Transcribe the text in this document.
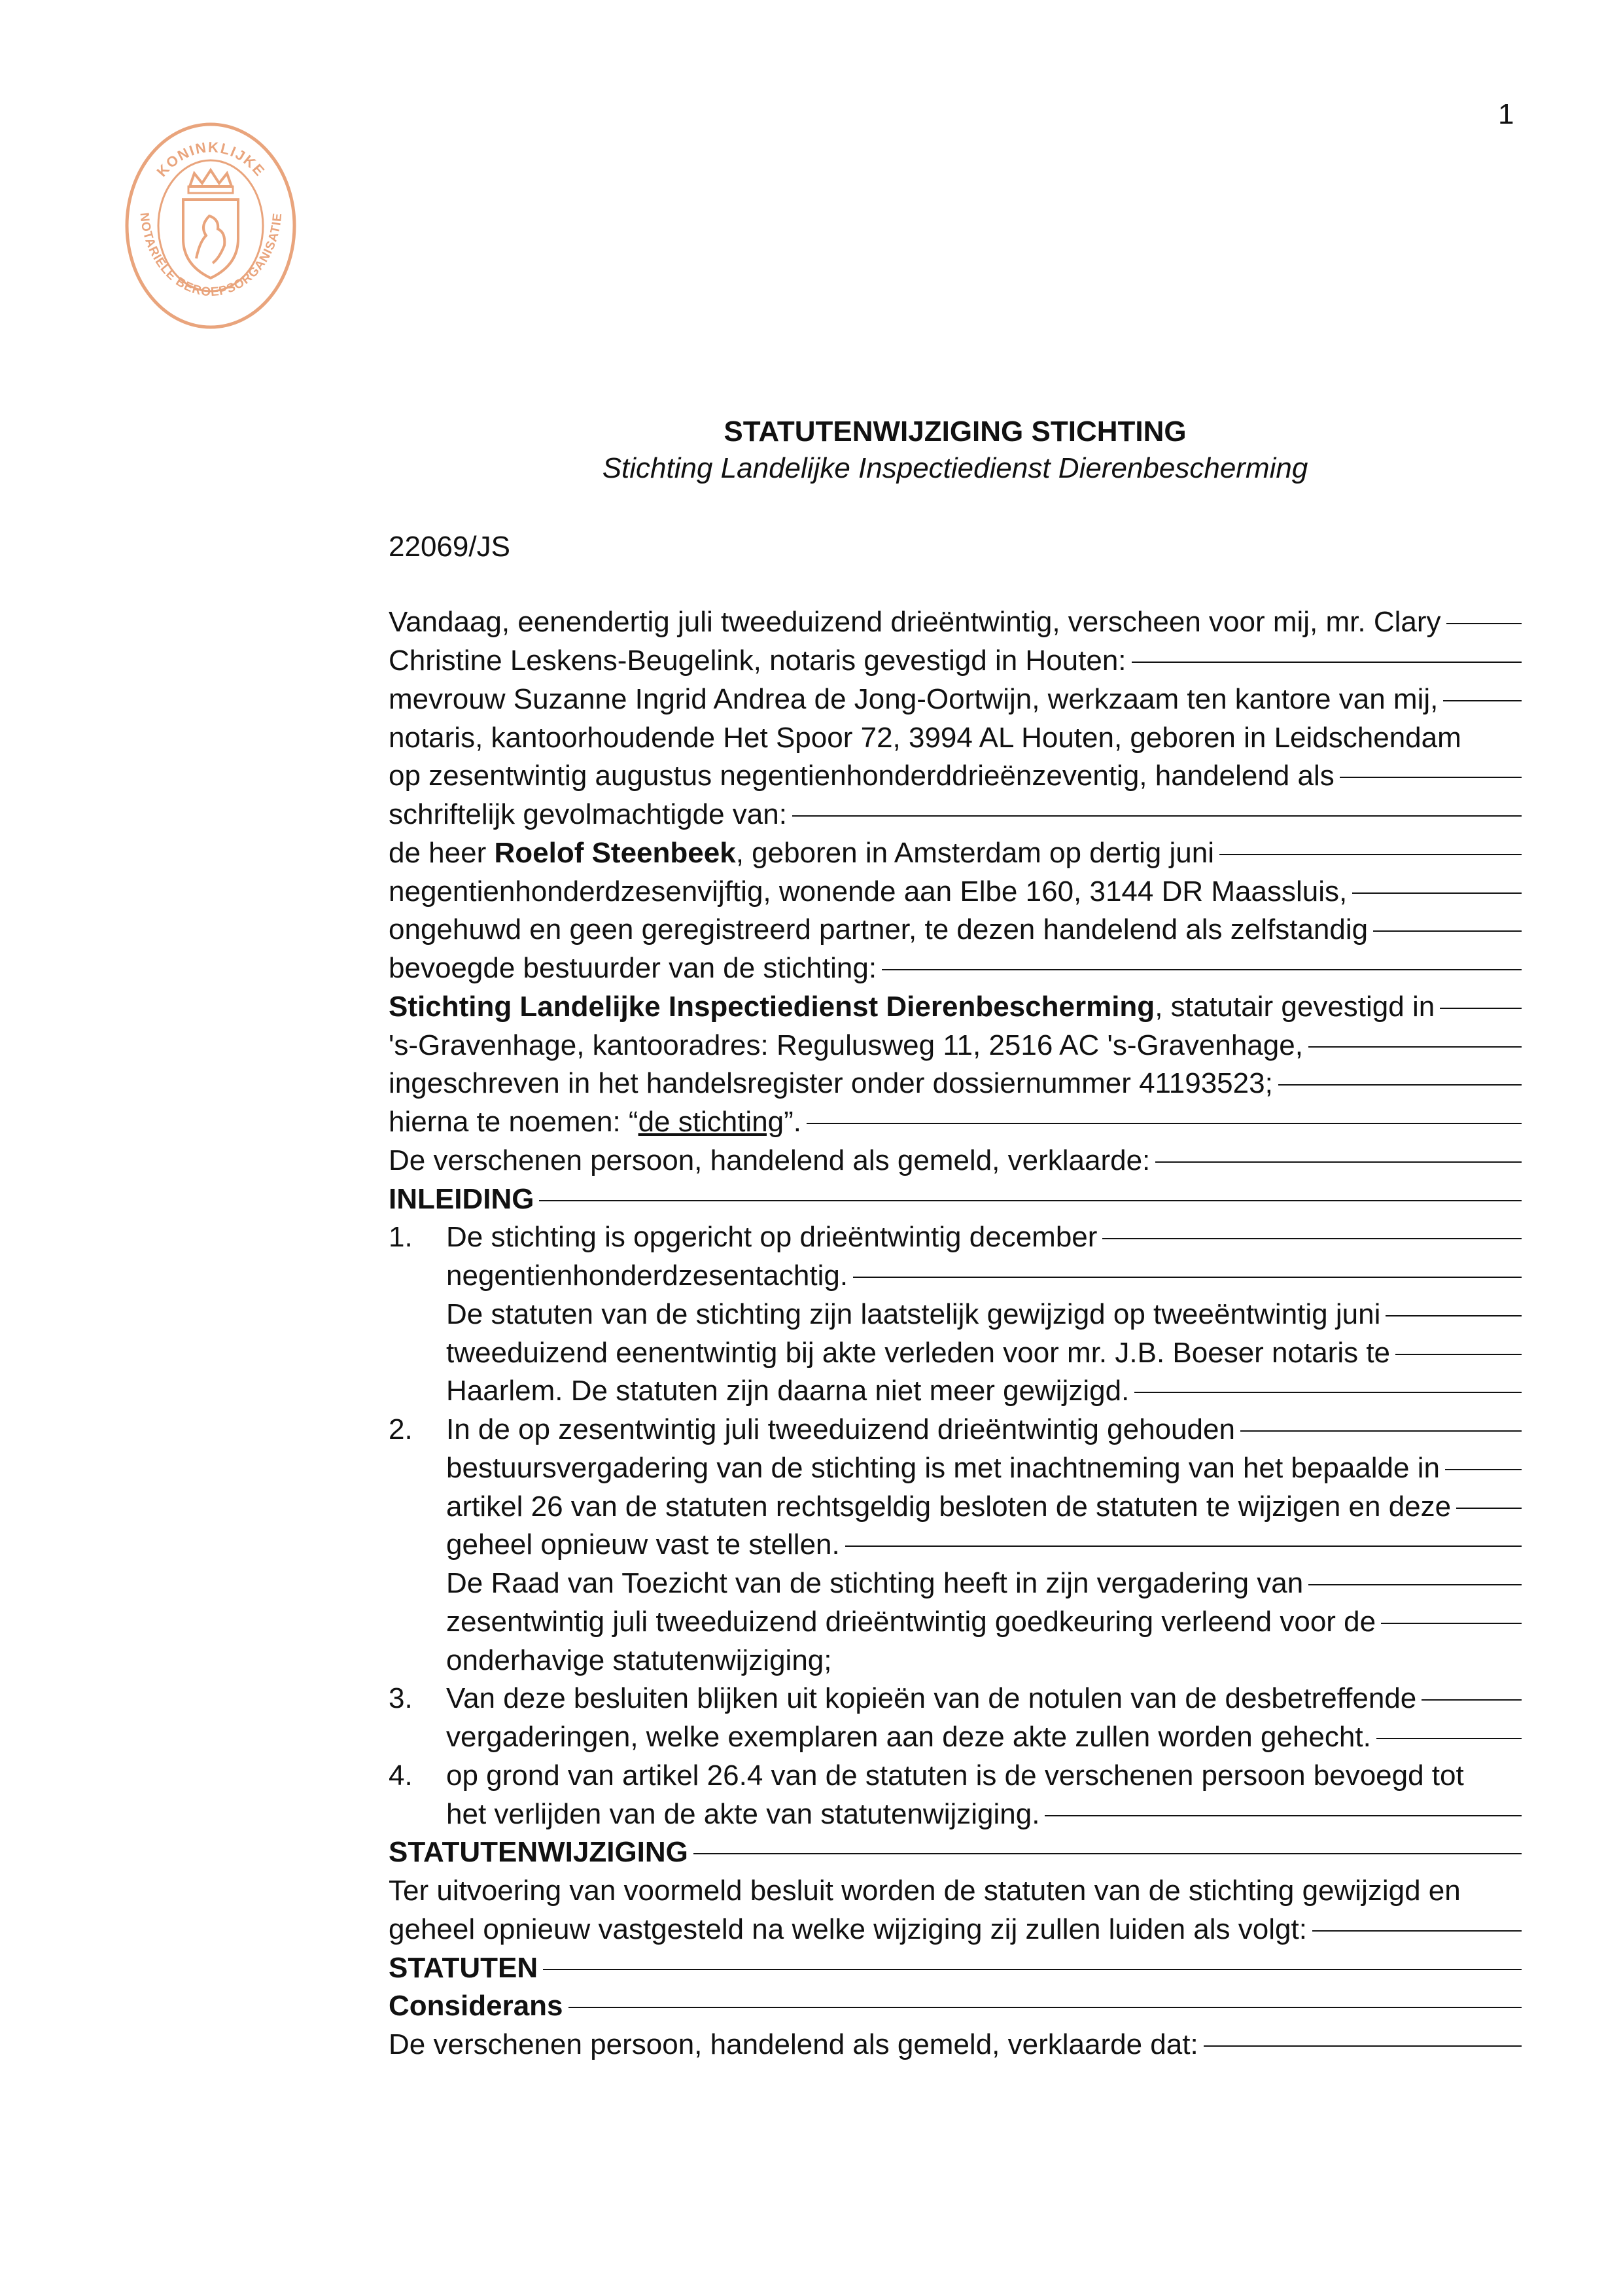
1
KONINKLIJKE
NOTARIËLE BEROEPSORGANISATIE
STATUTENWIJZIGING STICHTING
Stichting Landelijke Inspectiedienst Dierenbescherming
22069/JS
Vandaag, eenendertig juli tweeduizend drieëntwintig, verscheen voor mij, mr. Clary
Christine Leskens-Beugelink, notaris gevestigd in Houten:
mevrouw Suzanne Ingrid Andrea de Jong-Oortwijn, werkzaam ten kantore van mij,
notaris, kantoorhoudende Het Spoor 72, 3994 AL Houten, geboren in Leidschendam
op zesentwintig augustus negentienhonderddrieënzeventig, handelend als
schriftelijk gevolmachtigde van:
de heer Roelof Steenbeek , geboren in Amsterdam op dertig juni
negentienhonderdzesenvijftig, wonende aan Elbe 160, 3144 DR Maassluis,
ongehuwd en geen geregistreerd partner, te dezen handelend als zelfstandig
bevoegde bestuurder van de stichting:
Stichting Landelijke Inspectiedienst Dierenbescherming , statutair gevestigd in
's-Gravenhage, kantooradres: Regulusweg 11, 2516 AC 's-Gravenhage,
ingeschreven in het handelsregister onder dossiernummer 41193523;
hierna te noemen: “ de stichting ”.
De verschenen persoon, handelend als gemeld, verklaarde:
INLEIDING
1. De stichting is opgericht op drieëntwintig december
negentienhonderdzesentachtig.
De statuten van de stichting zijn laatstelijk gewijzigd op tweeëntwintig juni
tweeduizend eenentwintig bij akte verleden voor mr. J.B. Boeser notaris te
Haarlem. De statuten zijn daarna niet meer gewijzigd.
2. In de op zesentwintig juli tweeduizend drieëntwintig gehouden
bestuursvergadering van de stichting is met inachtneming van het bepaalde in
artikel 26 van de statuten rechtsgeldig besloten de statuten te wijzigen en deze
geheel opnieuw vast te stellen.
De Raad van Toezicht van de stichting heeft in zijn vergadering van
zesentwintig juli tweeduizend drieëntwintig goedkeuring verleend voor de
onderhavige statutenwijziging;
3. Van deze besluiten blijken uit kopieën van de notulen van de desbetreffende
vergaderingen, welke exemplaren aan deze akte zullen worden gehecht.
4. op grond van artikel 26.4 van de statuten is de verschenen persoon bevoegd tot
het verlijden van de akte van statutenwijziging.
STATUTENWIJZIGING
Ter uitvoering van voormeld besluit worden de statuten van de stichting gewijzigd en
geheel opnieuw vastgesteld na welke wijziging zij zullen luiden als volgt:
STATUTEN
Considerans
De verschenen persoon, handelend als gemeld, verklaarde dat:
